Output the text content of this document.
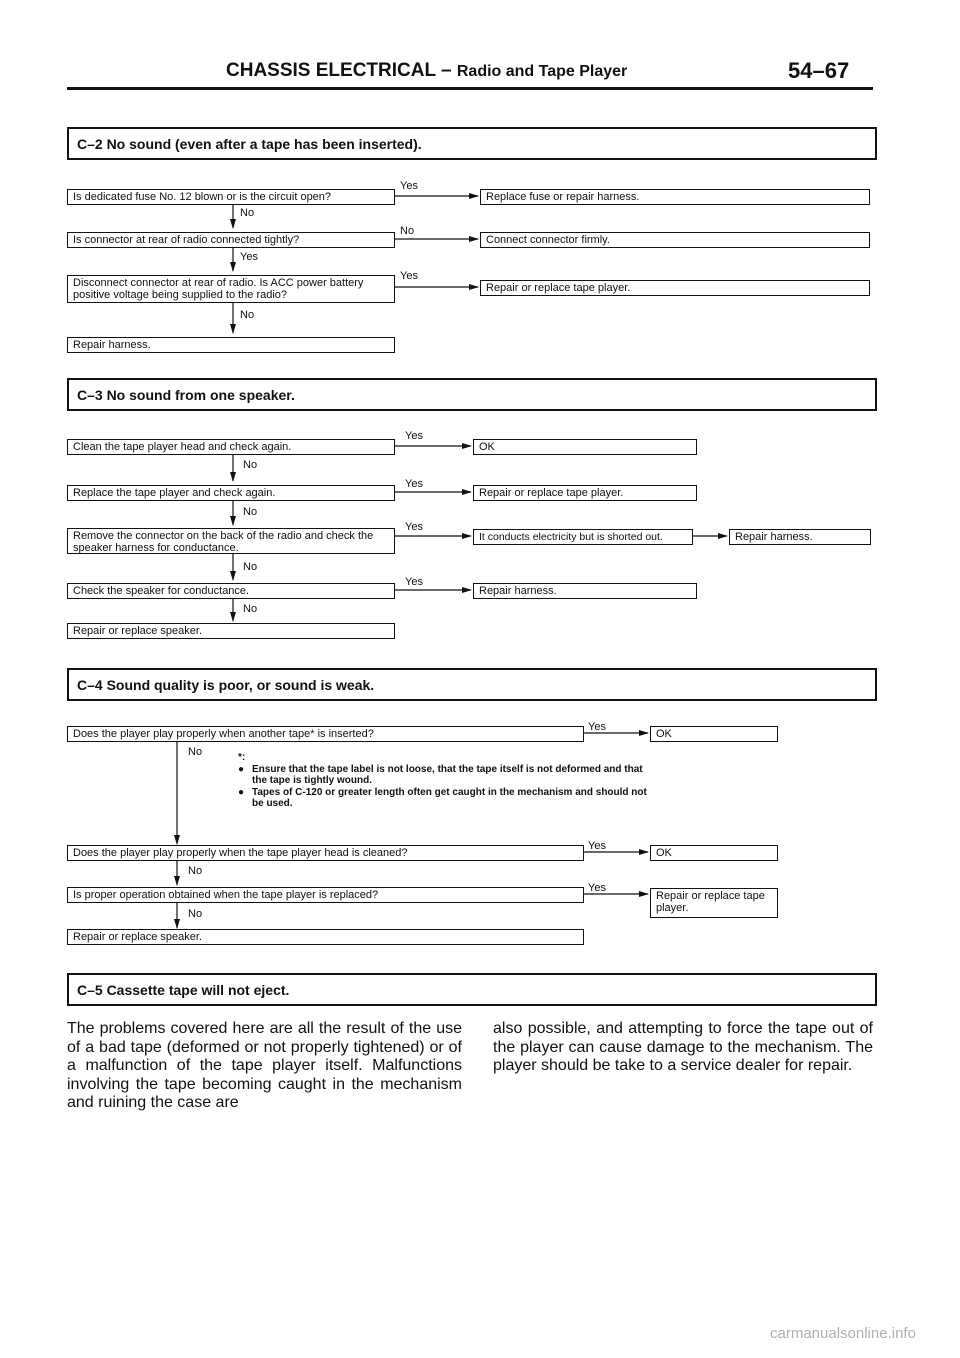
CHASSIS ELECTRICAL – Radio and Tape Player	54–67
C–2 No sound (even after a tape has been inserted).
Is dedicated fuse No. 12 blown or is the circuit open?
Yes
Replace fuse or repair harness.
No
Is connector at rear of radio connected tightly?
No
Connect connector firmly.
Yes
Disconnect connector at rear of radio. Is ACC power battery positive voltage being supplied to the radio?
Yes
Repair or replace tape player.
No
Repair harness.
C–3 No sound from one speaker.
Clean the tape player head and check again.
Yes
OK
No
Replace the tape player and check again.
Yes
Repair or replace tape player.
No
Remove the connector on the back of the radio and check the speaker harness for conductance.
Yes
It conducts electricity but is shorted out.	Repair harness.
No
Check the speaker for conductance.
Yes
Repair harness.
No
Repair or replace speaker.
C–4 Sound quality is poor, or sound is weak.
Does the player play properly when another tape* is inserted?
Yes
OK
No	*:
● Ensure that the tape label is not loose, that the tape itself is not deformed and that the tape is tightly wound.
● Tapes of C-120 or greater length often get caught in the mechanism and should not be used.
Does the player play properly when the tape player head is cleaned?
Yes
OK
No
Is proper operation obtained when the tape player is replaced?
Yes
Repair or replace tape player.
No
Repair or replace speaker.
C–5 Cassette tape will not eject.
The problems covered here are all the result of the use of a bad tape (deformed or not properly tightened) or of a malfunction of the tape player itself. Malfunctions involving the tape becoming caught in the mechanism and ruining the case are
also possible, and attempting to force the tape out of the player can cause damage to the mechanism. The player should be take to a service dealer for repair.
carmanualsonline.info
